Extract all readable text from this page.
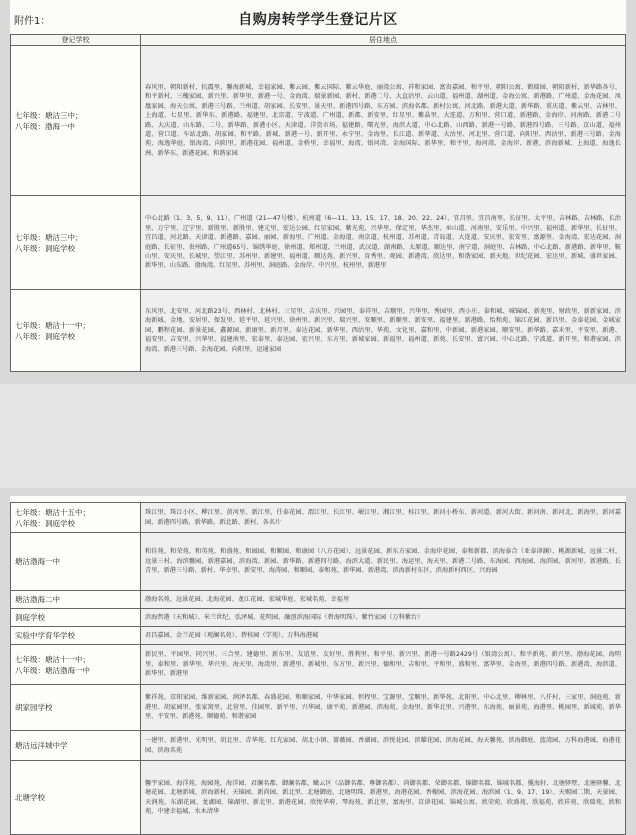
附件1：	自购房转学学生登记片区
登记学校	居住地点

七年级：塘沽三中；
八年级：渤海一中	春风里、朝阳新村、抗震里、馨海新城、幸福家园、紫云园、紫云国际、紫云华庭、丽湾公寓、祥和家园、富贵嘉园、和平里、朝阳公寓、鹤瑞园、朝阳新村、新华路各号、和平新村、三槐家园、新兴里、新华里、新港一号、金海湾、瑞景新园、新村、新港二号、大直沽里、云山道、福州道、湖州道、金海公寓、新港路、广州道、金海花园、凤凰家园、海天公寓、新港三号路、兰州道、胡家园、长安里、景天里、新港四号路、东方园、滨海名都、新村公寓、河北路、新港大道、新华路、重庆道、紫云里、吉林里、上海道、七星里、新华东、新港路、福建里、北京道、宁波道、广州道、新都、新安里、红星里、紫晶里、大连道、万和里、营口道、新港路、金海岸、河南路、新港二号路、大庆道、山东路、二号、新华路、新港小区、天津道、洋货市场、福建路、曙光里、海滨大道、中心北路、山西路、新港一号路、新港四号路、三号路、京山道、福州道、营口道、车站北路、胡家园、和平路、新城、新港一号、新开里、永宁里、金海里、长江道、新华道、大沽里、河北里、营口道、向阳里、西沽里、新港三号路、金海苑、海逸华庭、银海湾、向阳里、新港花园、福州道、金桥里、幸福里、海湾、银河湾、金海国际、新华里、和平里、海河湾、金海岸、新港、滨海新城、上海道、海逸长洲、新华东、新港花园、和谐家园

七年级：塘沽三中；
八年级：洞庭学校	中心北路（1、3、5、9、11）、广州道（21—47号楼）、杭州道（6—11、13、15、17、18、20、22、24）、宜昌里、宜昌南里、长征里、太平里、吉林路、吉林路、长治里、万宁里、辽宁里、新胜里、新胜里、建元里、宏达公园、红星家园、紫光苑、兴华里、保定里、华杰里、巫山道、河南里、安乐里、中兴里、福州道、新华里、长征里、宜昌道、河北路、天津道、新港路、嘉园、丽园、新海里、广州道、金海道、南京道、杭州道、苏州道、青岛道、大连道、安庆里、宏安里、富源里、金海湾、宏达花园、洞庭路、长征里、贵州路、广州道65号、锦绣华庭、徐州道、郑州道、兰州道、武汉道、湖南路、太原道、顺达里、南宁道、洞庭里、吉林路、中心北路、新港路、新华里、鞍山里、安庆里、长城里、望江里、苏州里、新建里、福州道、顺达苑、新兴里、育秀里、观园、新港湾、欣达里、和谐家园、新天地、世纪花园、宏达里、新城、盛世家园、新华里、山东路、渤海湾、红星里、苏州里、洞庭路、金海岸、中兴里、杭州里、新港里

七年级：塘沽十一中；
八年级：洞庭学校	东风里、北安里、河北路23号、西林村、北林村、三星里、吉庆里、兴园里、泰祥里、吉顺里、兴华里、秀园里、西小庄、泰和城、城锦园、新苑里、财政里、新新家园、滨海新城、金地、安居里、保发里、延平里、延兴里、徐州里、新兴里、瑞兴里、安顺里、新顺里、新安里、福建里、新港路、怡和苑、锦江花园、新昌里、金泰花园、金城家园、鹏程花园、新景花园、鑫源园、新康里、新月里、泰达花园、新华里、西沽里、华苑、文化里、嘉和里、中新园、新港家园、顺安里、新华路、嘉禾里、平安里、新港、福安里、吉安里、兴华里、福建南里、宏泰里、泰达园、宏兴里、东方里、新城家园、新福里、福州道、新苑、长安里、富兴园、中心北路、宁波道、新开里、和谐家园、滨海湾、新港三号路、金海花园、向阳里、运通家园
七年级：塘沽十五中；
八年级：洞庭学校	珠江里、珠江小区、柳江里、黄河里、新江里、任泰花园、渭江里、长江里、岷江里、湘江里、桂江里、新河小桥东、新河道、新河大街、新河南、新河北、新海里、新河嘉园、新港四号路、新华路、新北路、新村、各名片

塘沽渤海一中	和佳苑、和荣苑、和英苑、和盛苑、和园园、和顺园、和康园（八方花园）、远景花园、新东方家园、金海岸花园、泰和新都、滨海泰合（亚泰津澜）、桃源新城、远景二村、远景三村、海滨馨园、新港嘉园、滨海湾、新园、新华路、新港四号路、海滨大道、新民里、海运里、海天里、新港二号路、东海园、西海园、海滨园、新河里、新港路、长青里、新港三号路、新村、华幸里、新安里、海涛园、和顺园、泰和苑、新华园、新港湾、滨海新村东区、滨海新村西区、兴海园

塘沽渤海二中	渤海名苑、远景花园、北海花园、龙江花园、宏城华庭、宏城名苑、幸福里

洞庭学校	滨海哲港（天和城）、米兰世纪、弘泽城、花明园、融创滨海国际（碧海明珠）、紫竹家园（万科紫台）

实验中学育华学校	君昌嘉园、金兰花园（观澜名苑）、碧桂园（学苑）、万科海港城

七年级：塘沽十一中；
八年级：塘沽渤海一中	新民里、平园里、同兴里、三合里、建德里、新东里、友谊里、友好里、胜利里、和平里、新兴里、新港一号路2429号（银湾公寓）、和平新苑、新兴里、渤海花园、海明里、泰和里、新华里、华兴里、海天里、海湾里、新港里、新城里、东方里、新兴里、德和里、吉和里、平和里、盛和里、富华里、金海里、新港四号路、新港湾、海滨道、新华里、新港里

胡家园学校	紫祥苑、京阳家园、维新家园、润泽名都、春盛花园、和顺家园、中华家园、恒程里、宝源里、宝顺里、新华苑、北阳里、中心北里、柳林里、八仟村、三家里、洞庭苑、新港里、胡家园里、张家窝里、北营里、佳园里、新平里、兴华园、康平苑、新港园、滨海苑、金海里、新华北里、兴港里、东海苑、丽景苑、海港里、桃园里、新城苑、新华里、平安里、新港苑、顺德苑、和谐家园

塘沽远洋城中学	一建里、新港里、光明里、胡北里、青华苑、红光家园、胡北小镇、蔷薇园、香湖园、滨悦花园、滨耀花园、滨海花园、海天馨苑、滨海御庭、蓝湾园、万科海港城、海港花园、滨海名苑

北塘学校	馨宇家园、海洋苑、海园苑、海洋园、君澜名都、御澜名都、瞰云区（品御名都、尊御名都）、尚御名都、荣御名都、锦御名都、锦城名都、揽海轩、北塘驿墅、北塘驿馨、北塘花园、北塘新城、滨海新村、天锦园、新尚园、新北里、北塘御庭、北塘明珠、新港里、海港花园、香榭园、滨海花园、海滨园（1、9、17、19）、天赐园二期、天景园、天润苑、东湖花园、龙湖园、锦湖里、新北里、新港花园、欣悦华府、琴海苑、新北里、富海里、京津花园、锦城公寓、欣荣苑、欣盛苑、欣福苑、欣祥苑、欣瑞苑、欣和苑、中建幸福城、水木清华
